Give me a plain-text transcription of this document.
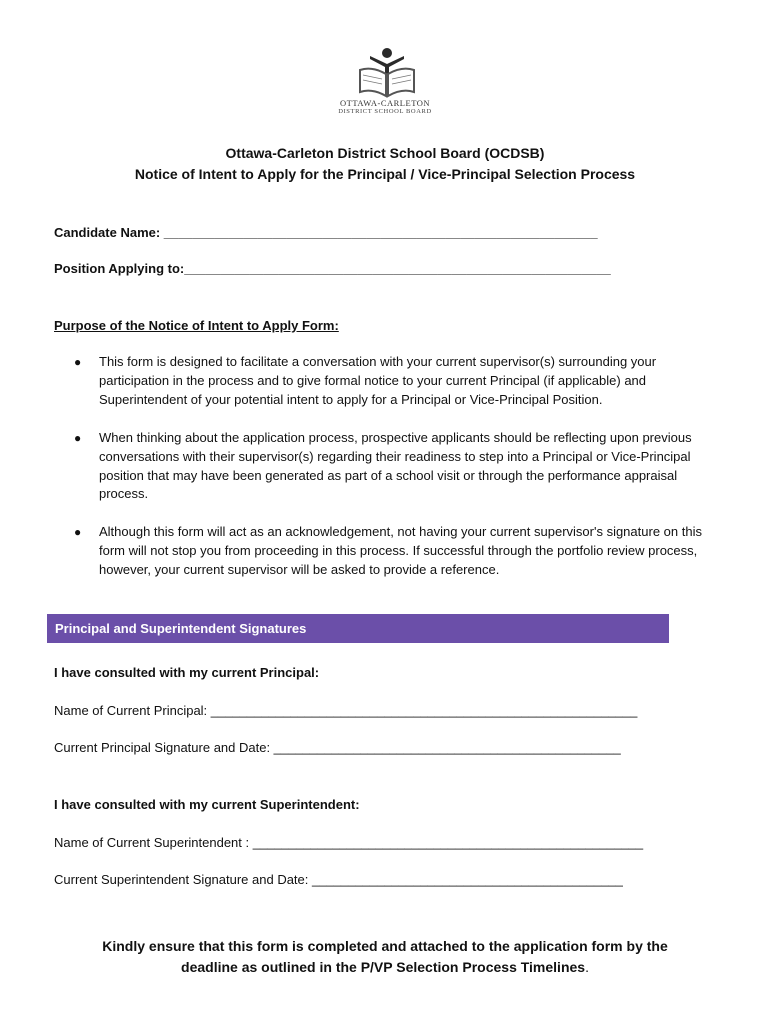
OTTAWA-CARLETON
DISTRICT SCHOOL BOARD
Ottawa-Carleton District School Board (OCDSB)
Notice of Intent to Apply for the Principal / Vice-Principal Selection Process
Candidate Name: ____________________________________________________________
Position Applying to:___________________________________________________________
Purpose of the Notice of Intent to Apply Form:
● This form is designed to facilitate a conversation with your current supervisor(s) surrounding your participation in the process and to give formal notice to your current Principal (if applicable) and Superintendent of your potential intent to apply for a Principal or Vice-Principal Position.
● When thinking about the application process, prospective applicants should be reflecting upon previous conversations with their supervisor(s) regarding their readiness to step into a Principal or Vice-Principal position that may have been generated as part of a school visit or through the performance appraisal process.
● Although this form will act as an acknowledgement, not having your current supervisor's signature on this form will not stop you from proceeding in this process. If successful through the portfolio review process, however, your current supervisor will be asked to provide a reference.
Principal and Superintendent Signatures
I have consulted with my current Principal:
Name of Current Principal: ___________________________________________________________
Current Principal Signature and Date: ________________________________________________
I have consulted with my current Superintendent:
Name of Current Superintendent : ______________________________________________________
Current Superintendent Signature and Date: ___________________________________________
Kindly ensure that this form is completed and attached to the application form by the
deadline as outlined in the P/VP Selection Process Timelines.
